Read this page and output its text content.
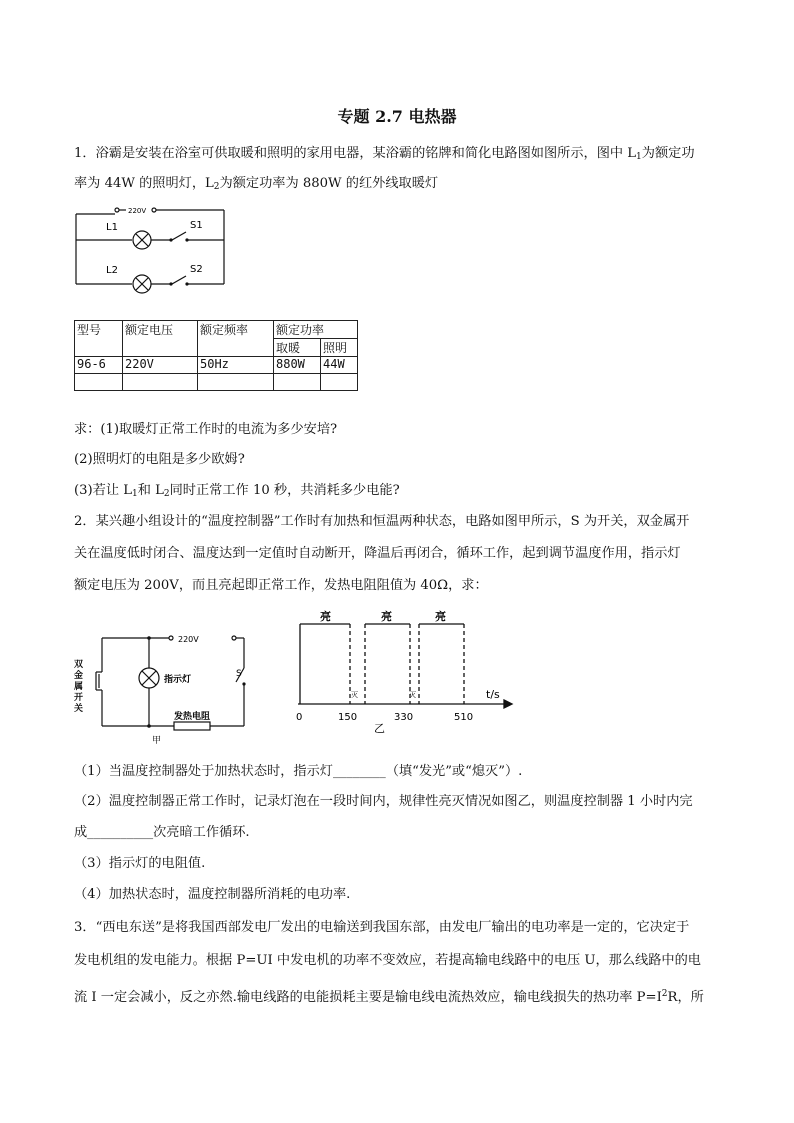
专题 2.7 电热器
1．浴霸是安装在浴室可供取暖和照明的家用电器，某浴霸的铭牌和简化电路图如图所示，图中 $L_1$为额定功
率为 44W 的照明灯，$L_2$为额定功率为 880W 的红外线取暖灯
220V
L1
L2
S1
S2
型号	额定电压	额定频率	额定功率	
			取暖	照明
96-6	220V	50Hz	880W	44W

求：(1)取暖灯正常工作时的电流为多少安培?
(2)照明灯的电阻是多少欧姆?
(3)若让 $L_1$和 $L_2$同时正常工作 10 秒，共消耗多少电能?
2．某兴趣小组设计的“温度控制器”工作时有加热和恒温两种状态，电路如图甲所示，S 为开关，双金属开
关在温度低时闭合、温度达到一定值时自动断开，降温后再闭合，循环工作，起到调节温度作用，指示灯
额定电压为 200V，而且亮起即正常工作，发热电阻阻值为 40Ω，求：
220V
指示灯
S
发热电阻
甲
双金属开关
亮	亮	亮
灭	灭	t/s
0	150	330	510
乙
（1）当温度控制器处于加热状态时，指示灯________（填“发光”或“熄灭”）.
（2）温度控制器正常工作时，记录灯泡在一段时间内，规律性亮灭情况如图乙，则温度控制器 1 小时内完
成__________次亮暗工作循环.
（3）指示灯的电阻值.
（4）加热状态时，温度控制器所消耗的电功率.
3．“西电东送”是将我国西部发电厂发出的电输送到我国东部，由发电厂输出的电功率是一定的，它决定于
发电机组的发电能力。根据 P=UI 中发电机的功率不变效应，若提高输电线路中的电压 U，那么线路中的电
流 I 一定会减小，反之亦然.输电线路的电能损耗主要是输电线电流热效应，输电线损失的热功率 $P=I^2R$，所
